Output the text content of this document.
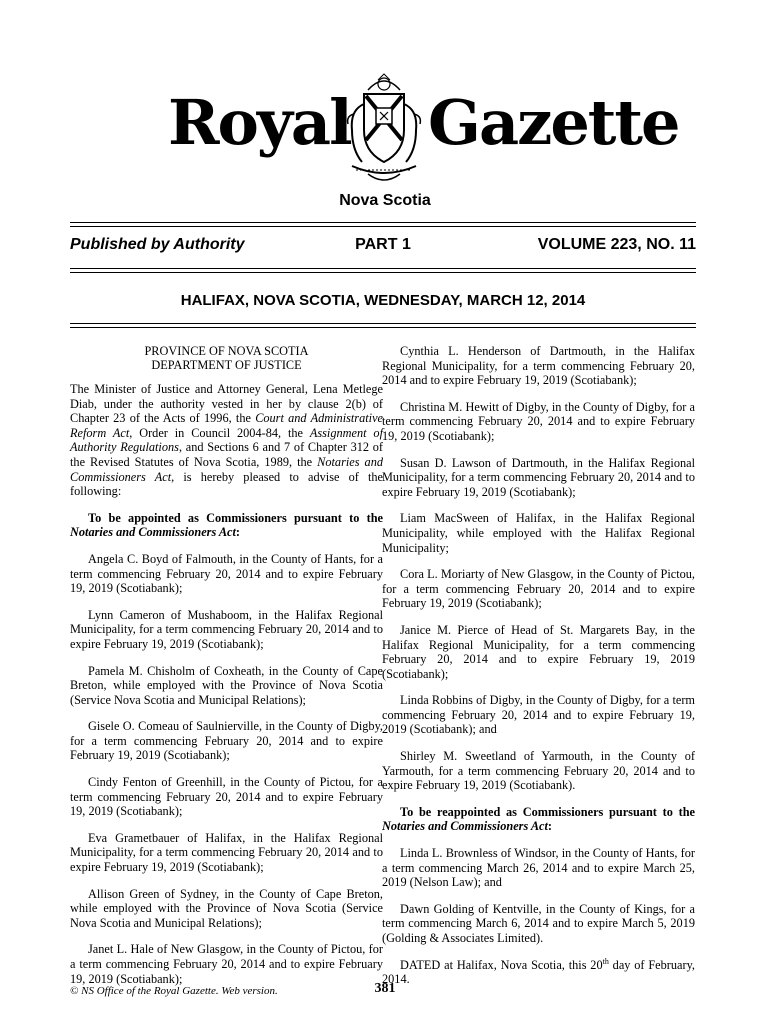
Royal Gazette
Nova Scotia
Published by Authority	PART 1	VOLUME 223, NO. 11
HALIFAX, NOVA SCOTIA, WEDNESDAY, MARCH 12, 2014

PROVINCE OF NOVA SCOTIA
DEPARTMENT OF JUSTICE

The Minister of Justice and Attorney General, Lena Metlege Diab, under the authority vested in her by clause 2(b) of Chapter 23 of the Acts of 1996, the Court and Administrative Reform Act, Order in Council 2004-84, the Assignment of Authority Regulations, and Sections 6 and 7 of Chapter 312 of the Revised Statutes of Nova Scotia, 1989, the Notaries and Commissioners Act, is hereby pleased to advise of the following:

To be appointed as Commissioners pursuant to the Notaries and Commissioners Act:

Angela C. Boyd of Falmouth, in the County of Hants, for a term commencing February 20, 2014 and to expire February 19, 2019 (Scotiabank);

Lynn Cameron of Mushaboom, in the Halifax Regional Municipality, for a term commencing February 20, 2014 and to expire February 19, 2019 (Scotiabank);

Pamela M. Chisholm of Coxheath, in the County of Cape Breton, while employed with the Province of Nova Scotia (Service Nova Scotia and Municipal Relations);

Gisele O. Comeau of Saulnierville, in the County of Digby, for a term commencing February 20, 2014 and to expire February 19, 2019 (Scotiabank);

Cindy Fenton of Greenhill, in the County of Pictou, for a term commencing February 20, 2014 and to expire February 19, 2019 (Scotiabank);

Eva Grametbauer of Halifax, in the Halifax Regional Municipality, for a term commencing February 20, 2014 and to expire February 19, 2019 (Scotiabank);

Allison Green of Sydney, in the County of Cape Breton, while employed with the Province of Nova Scotia (Service Nova Scotia and Municipal Relations);

Janet L. Hale of New Glasgow, in the County of Pictou, for a term commencing February 20, 2014 and to expire February 19, 2019 (Scotiabank);

Cynthia L. Henderson of Dartmouth, in the Halifax Regional Municipality, for a term commencing February 20, 2014 and to expire February 19, 2019 (Scotiabank);

Christina M. Hewitt of Digby, in the County of Digby, for a term commencing February 20, 2014 and to expire February 19, 2019 (Scotiabank);

Susan D. Lawson of Dartmouth, in the Halifax Regional Municipality, for a term commencing February 20, 2014 and to expire February 19, 2019 (Scotiabank);

Liam MacSween of Halifax, in the Halifax Regional Municipality, while employed with the Halifax Regional Municipality;

Cora L. Moriarty of New Glasgow, in the County of Pictou, for a term commencing February 20, 2014 and to expire February 19, 2019 (Scotiabank);

Janice M. Pierce of Head of St. Margarets Bay, in the Halifax Regional Municipality, for a term commencing February 20, 2014 and to expire February 19, 2019 (Scotiabank);

Linda Robbins of Digby, in the County of Digby, for a term commencing February 20, 2014 and to expire February 19, 2019 (Scotiabank); and

Shirley M. Sweetland of Yarmouth, in the County of Yarmouth, for a term commencing February 20, 2014 and to expire February 19, 2019 (Scotiabank).

To be reappointed as Commissioners pursuant to the Notaries and Commissioners Act:

Linda L. Brownless of Windsor, in the County of Hants, for a term commencing March 26, 2014 and to expire March 25, 2019 (Nelson Law); and

Dawn Golding of Kentville, in the County of Kings, for a term commencing March 6, 2014 and to expire March 5, 2019 (Golding & Associates Limited).

DATED at Halifax, Nova Scotia, this 20th day of February, 2014.

© NS Office of the Royal Gazette. Web version.	381
